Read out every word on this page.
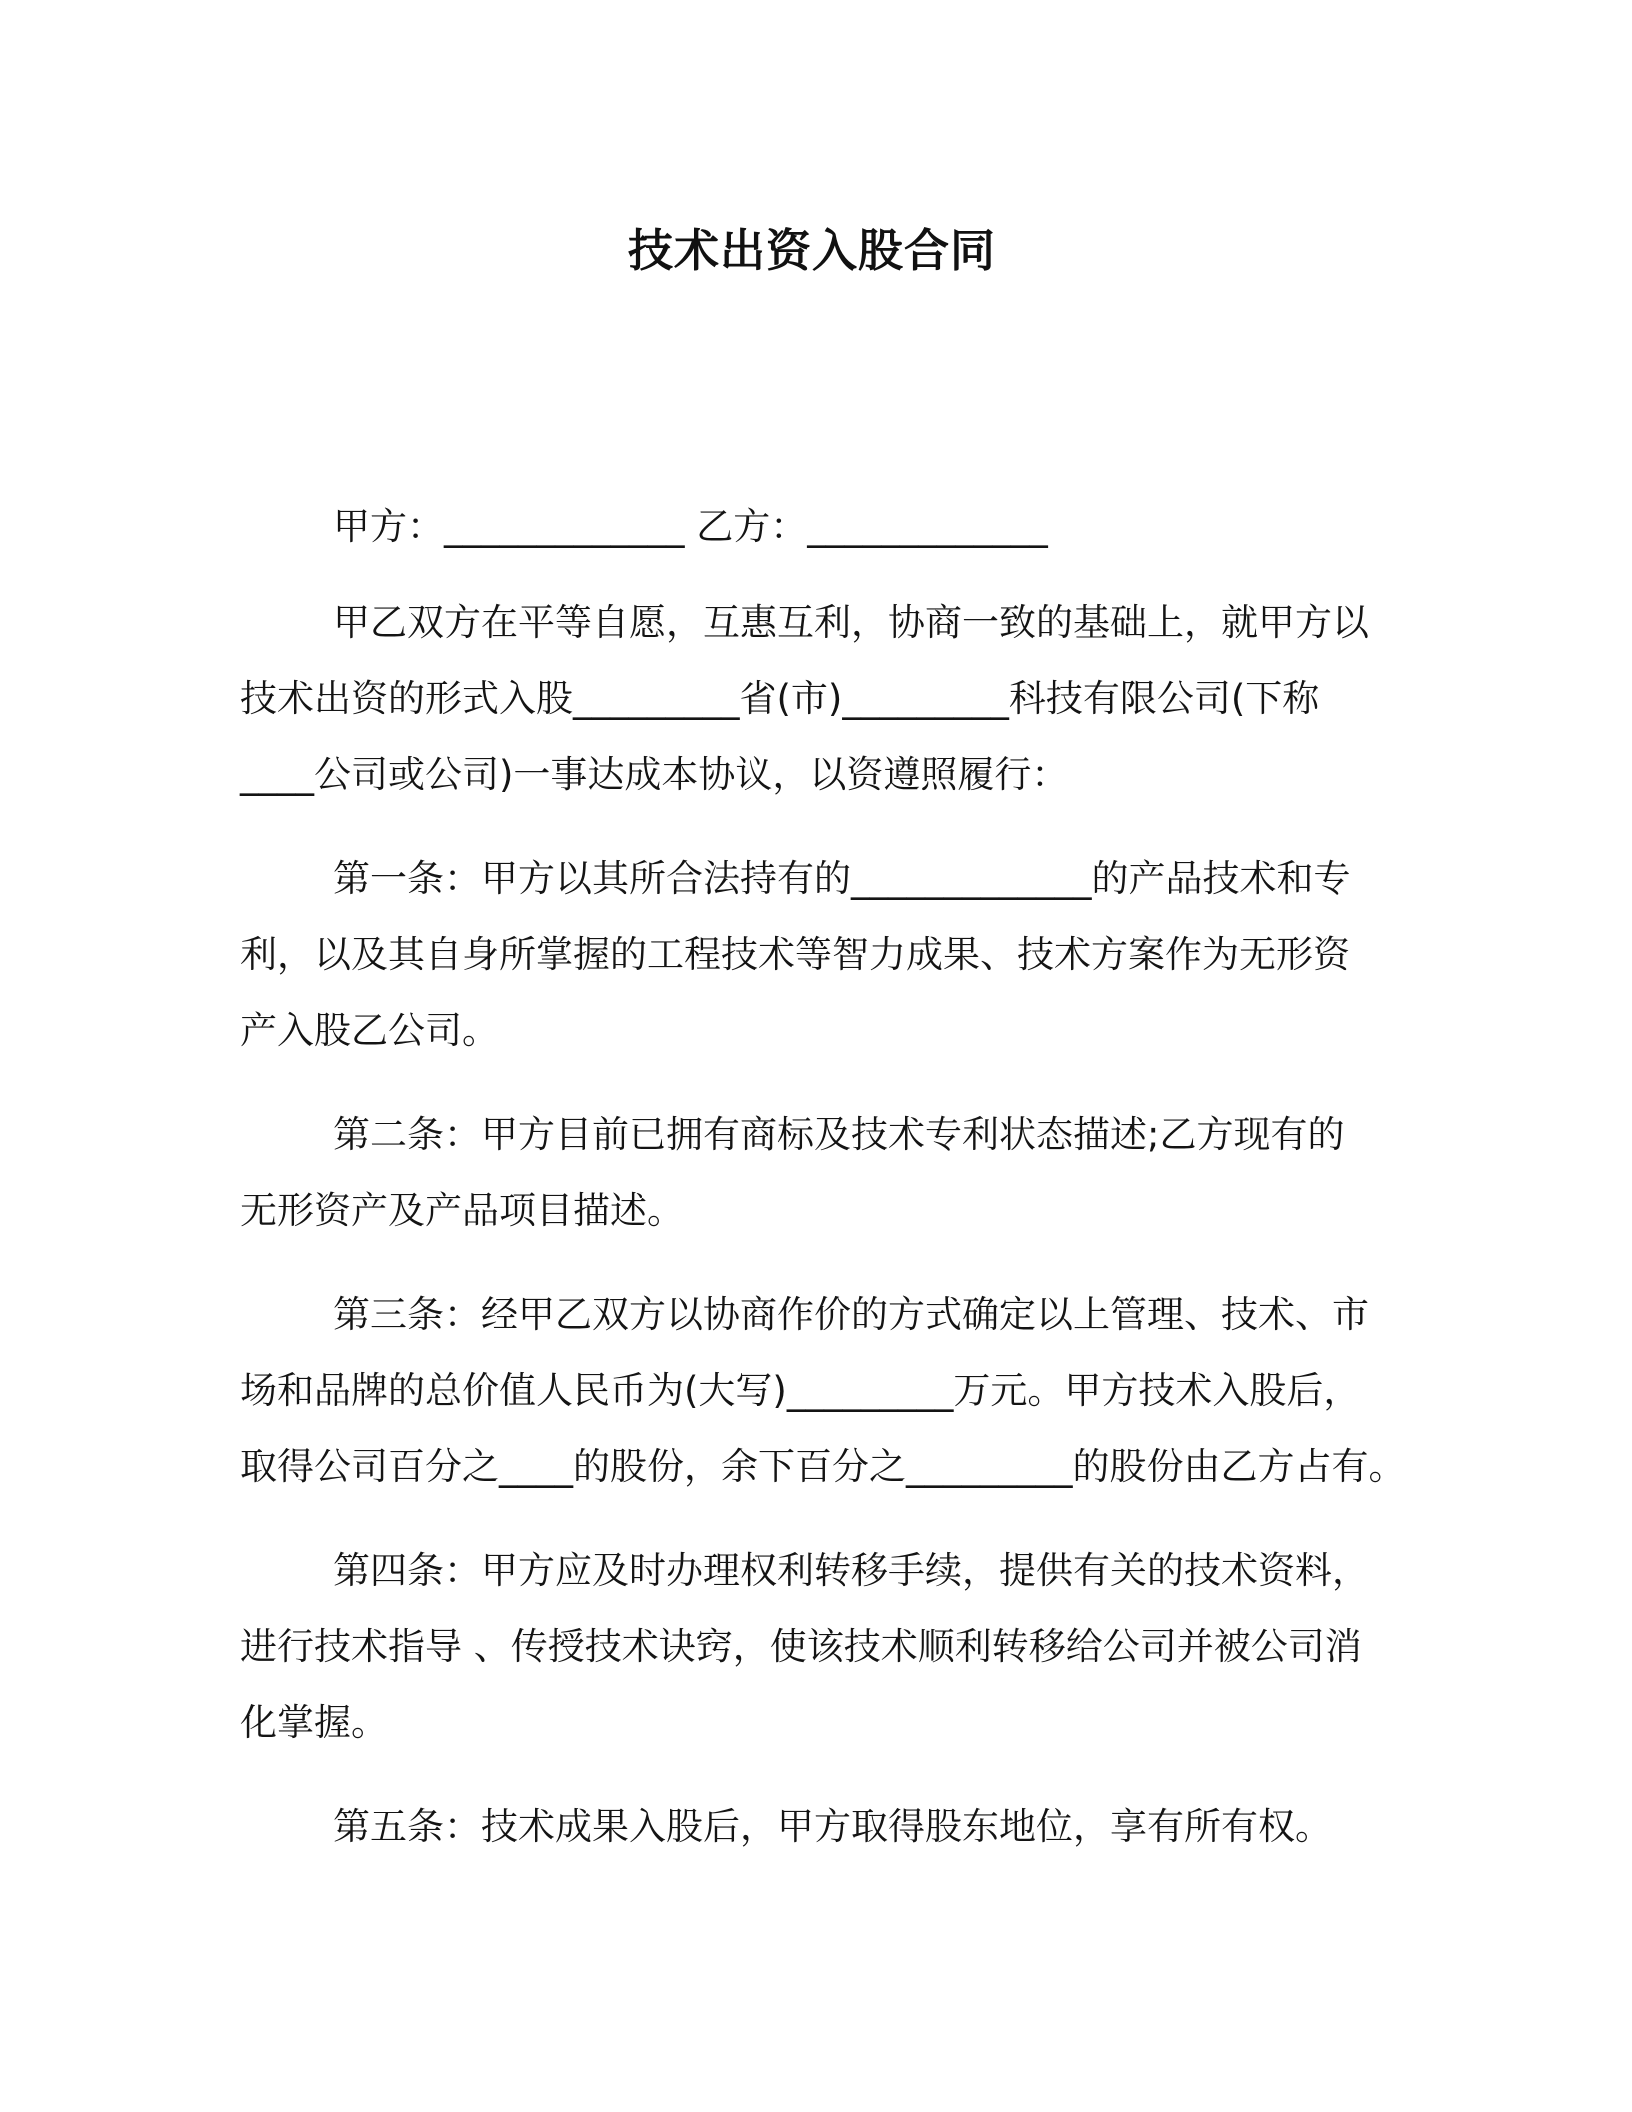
技术出资入股合同
甲方：_____________ 乙方：_____________
甲乙双方在平等自愿，互惠互利，协商一致的基础上，就甲方以
技术出资的形式入股_________省(市)_________科技有限公司(下称
____公司或公司)一事达成本协议，以资遵照履行：
第一条：甲方以其所合法持有的_____________的产品技术和专
利，以及其自身所掌握的工程技术等智力成果、技术方案作为无形资
产入股乙公司。
第二条：甲方目前已拥有商标及技术专利状态描述;乙方现有的
无形资产及产品项目描述。
第三条：经甲乙双方以协商作价的方式确定以上管理、技术、市
场和品牌的总价值人民币为(大写)_________万元。甲方技术入股后，
取得公司百分之____的股份，余下百分之_________的股份由乙方占有。
第四条：甲方应及时办理权利转移手续，提供有关的技术资料，
进行技术指导 、传授技术诀窍，使该技术顺利转移给公司并被公司消
化掌握。
第五条：技术成果入股后，甲方取得股东地位，享有所有权。
